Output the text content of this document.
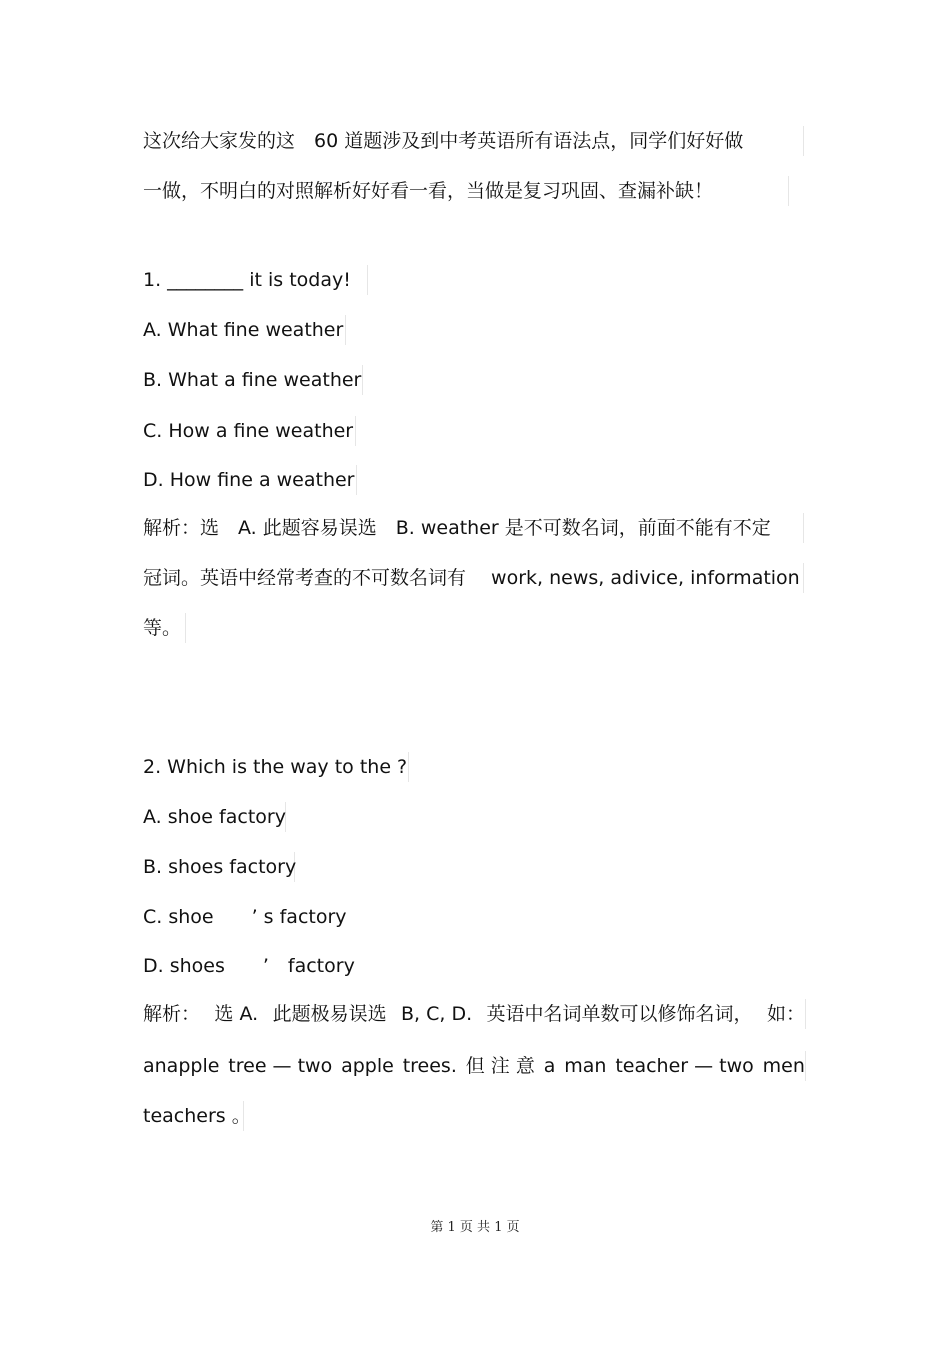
这次给大家发的这　60 道题涉及到中考英语所有语法点，同学们好好做
一做，不明白的对照解析好好看一看，当做是复习巩固、查漏补缺！
1. ________ it is today!
A. What fine weather
B. What a fine weather
C. How a fine weather
D. How fine a weather
解析：选　A. 此题容易误选　B. weather 是不可数名词，前面不能有不定
冠词。英语中经常考查的不可数名词有　 work, news, adivice, information
等。
2. Which is the way to the ?
A. shoe factory
B. shoes factory
C. shoe　　’ s factory
D. shoes　　’　factory
解析： 选 A. 此题极易误选 B, C, D. 英语中名词单数可以修饰名词， 如：
anapple tree — two apple trees. 但 注 意 a man teacher — two men
teachers 。
第 1 页 共 1 页
